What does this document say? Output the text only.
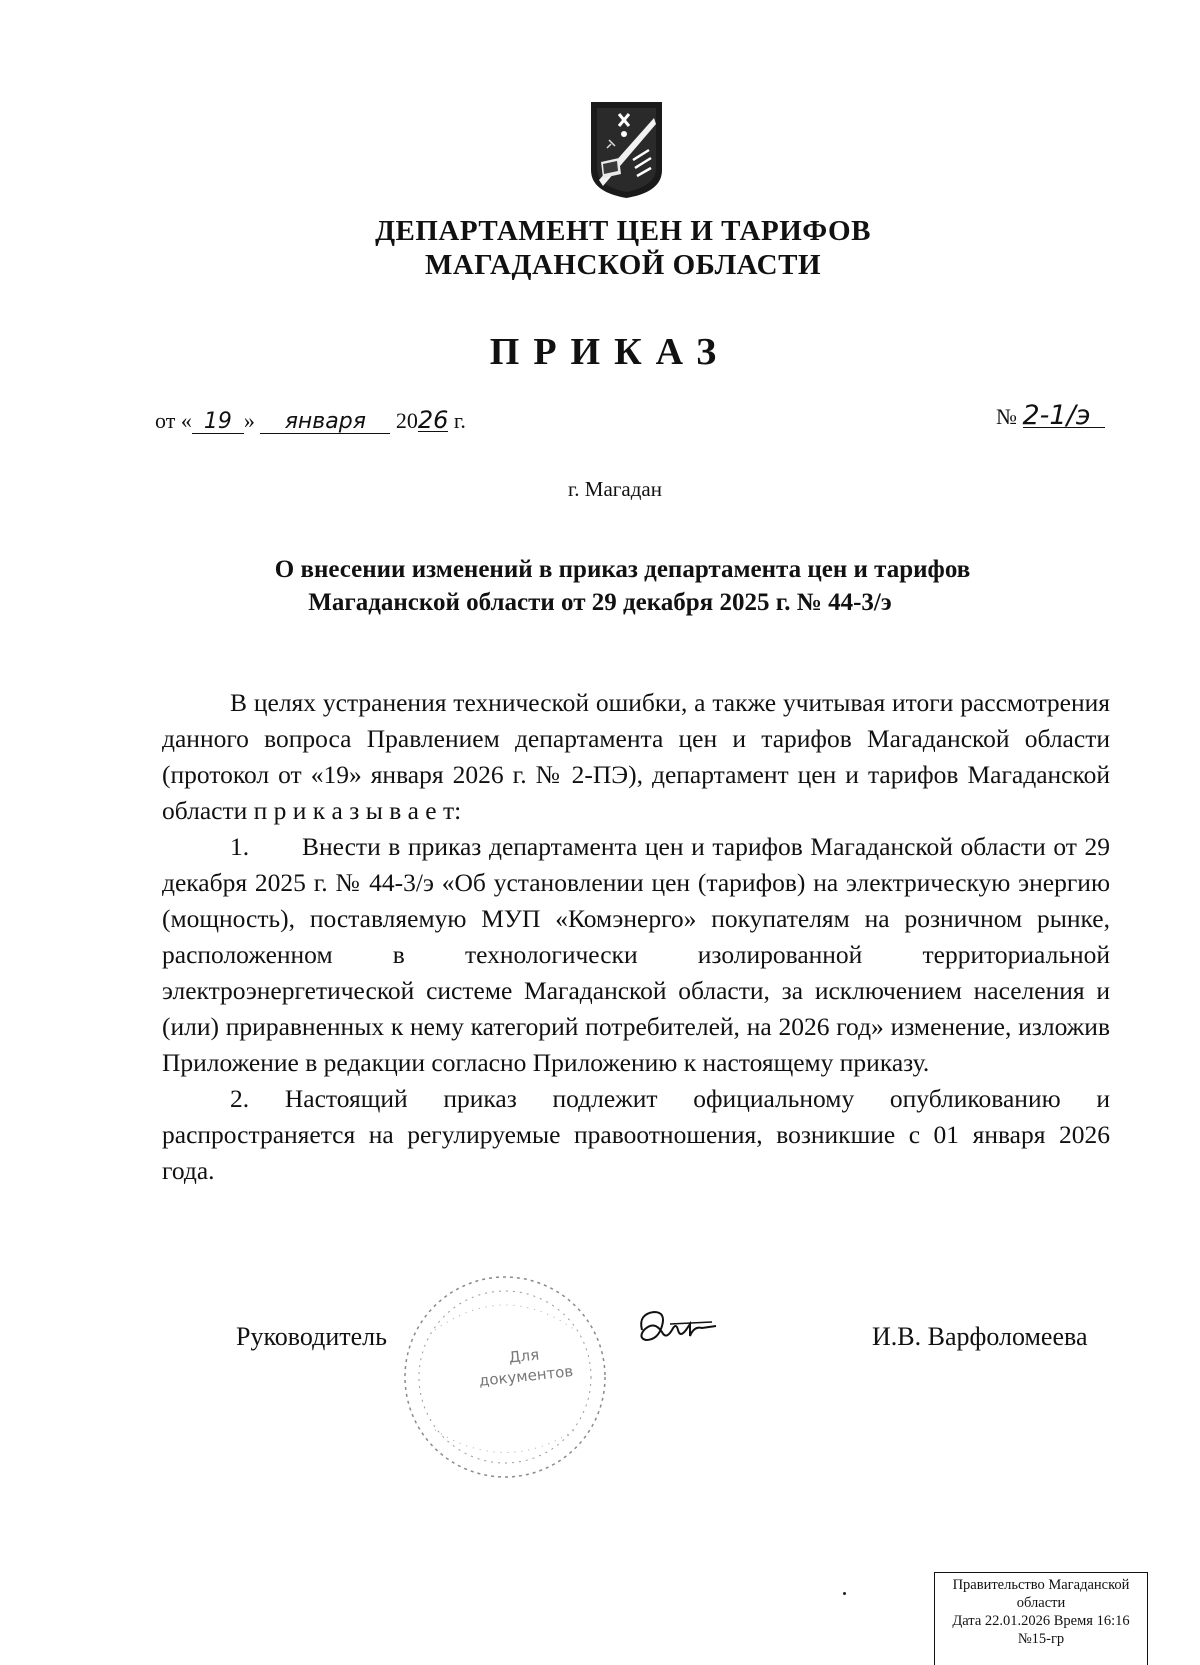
ДЕПАРТАМЕНТ ЦЕН И ТАРИФОВ
МАГАДАНСКОЙ ОБЛАСТИ
ПРИКАЗ
от « 19 » января 2026 г.	№ 2-1/э
г. Магадан
О внесении изменений в приказ департамента цен и тарифов
Магаданской области от 29 декабря 2025 г. № 44-3/э

В целях устранения технической ошибки, а также учитывая итоги рассмотрения данного вопроса Правлением департамента цен и тарифов Магаданской области (протокол от «19» января 2026 г. № 2-ПЭ), департамент цен и тарифов Магаданской области п р и к а з ы в а е т:

1. Внести в приказ департамента цен и тарифов Магаданской области от 29 декабря 2025 г. № 44-3/э «Об установлении цен (тарифов) на электрическую энергию (мощность), поставляемую МУП «Комэнерго» покупателям на розничном рынке, расположенном в технологически изолированной территориальной электроэнергетической системе Магаданской области, за исключением населения и (или) приравненных к нему категорий потребителей, на 2026 год» изменение, изложив Приложение в редакции согласно Приложению к настоящему приказу.

2. Настоящий приказ подлежит официальному опубликованию и распространяется на регулируемые правоотношения, возникшие с 01 января 2026 года.

Для
документов
Руководитель	И.В. Варфоломеева
Правительство Магаданской
области
Дата 22.01.2026 Время 16:16
№15-гр
